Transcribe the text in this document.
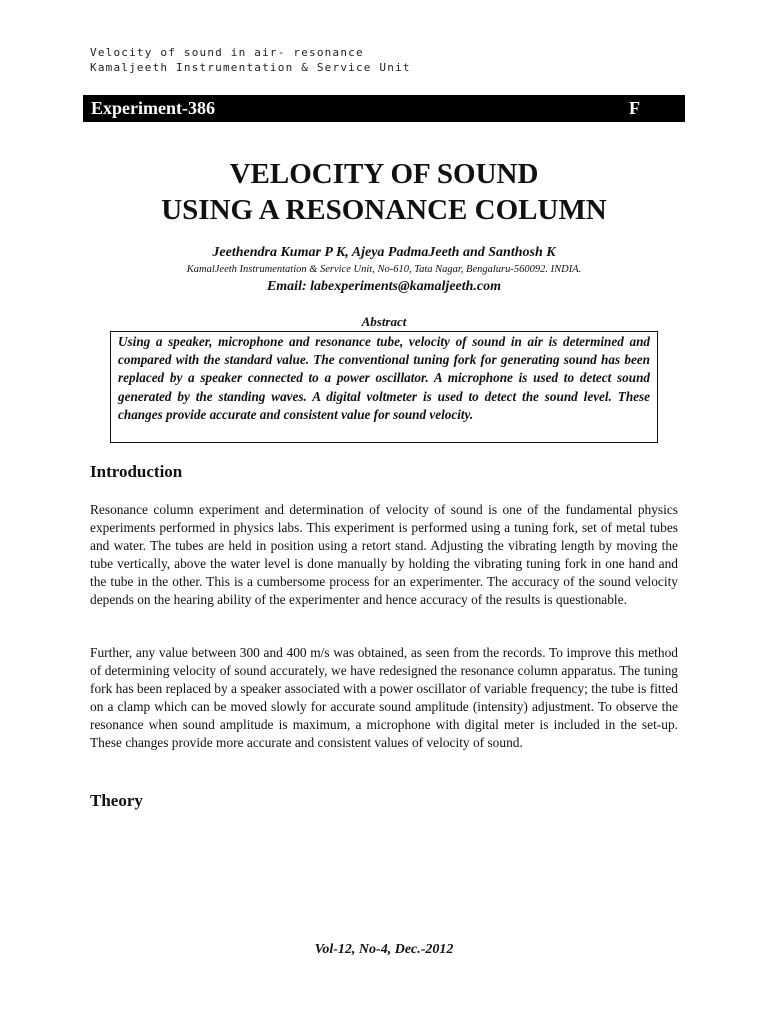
Velocity of sound in air- resonance
Kamaljeeth Instrumentation & Service Unit
Experiment-386	F
VELOCITY OF SOUND
USING A RESONANCE COLUMN
Jeethendra Kumar P K, Ajeya PadmaJeeth and Santhosh K
KamalJeeth Instrumentation & Service Unit, No-610, Tata Nagar, Bengaluru-560092. INDIA.
Email: labexperiments@kamaljeeth.com
Abstract
Using a speaker, microphone and resonance tube, velocity of sound in air is determined and compared with the standard value. The conventional tuning fork for generating sound has been replaced by a speaker connected to a power oscillator. A microphone is used to detect sound generated by the standing waves. A digital voltmeter is used to detect the sound level. These changes provide accurate and consistent value for sound velocity.
Introduction
Resonance column experiment and determination of velocity of sound is one of the fundamental physics experiments performed in physics labs. This experiment is performed using a tuning fork, set of metal tubes and water. The tubes are held in position using a retort stand. Adjusting the vibrating length by moving the tube vertically, above the water level is done manually by holding the vibrating tuning fork in one hand and the tube in the other. This is a cumbersome process for an experimenter. The accuracy of the sound velocity depends on the hearing ability of the experimenter and hence accuracy of the results is questionable.
Further, any value between 300 and 400 m/s was obtained, as seen from the records. To improve this method of determining velocity of sound accurately, we have redesigned the resonance column apparatus. The tuning fork has been replaced by a speaker associated with a power oscillator of variable frequency; the tube is fitted on a clamp which can be moved slowly for accurate sound amplitude (intensity) adjustment. To observe the resonance when sound amplitude is maximum, a microphone with digital meter is included in the set-up. These changes provide more accurate and consistent values of velocity of sound.
Theory
Vol-12, No-4, Dec.-2012
